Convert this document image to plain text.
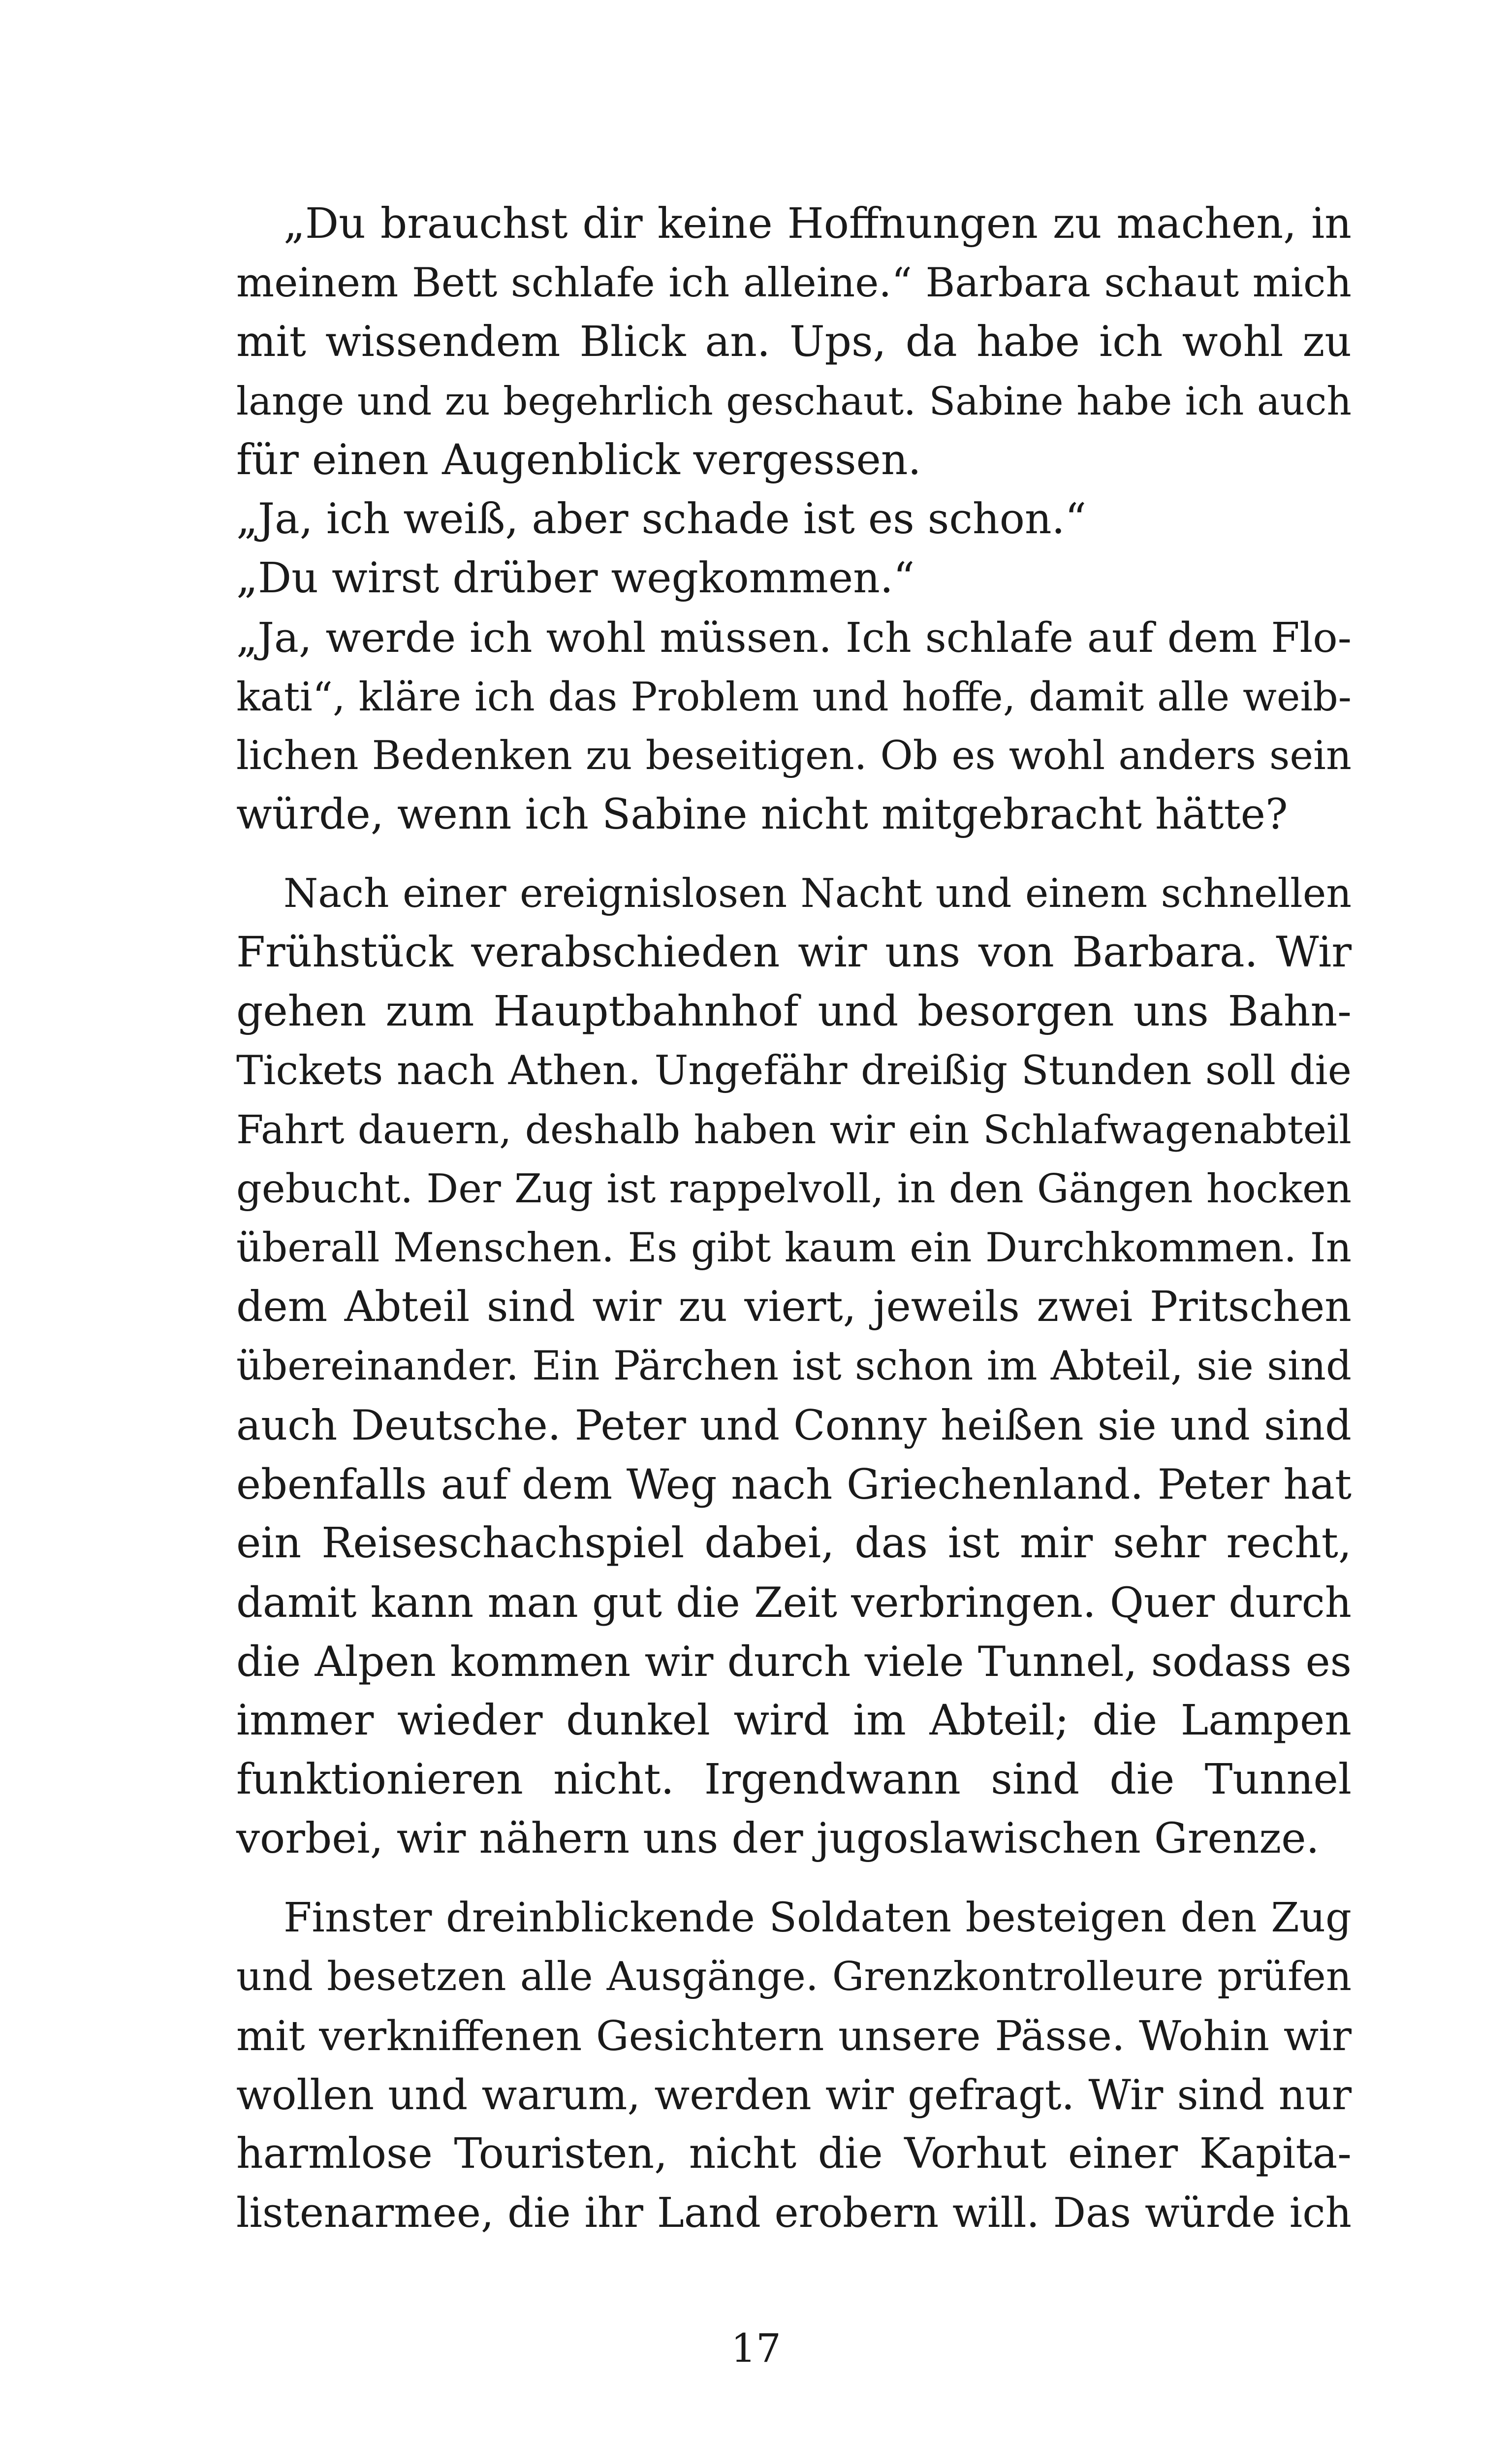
„Du brauchst dir keine Hoffnungen zu machen, in
meinem Bett schlafe ich alleine.“ Barbara schaut mich
mit wissendem Blick an. Ups, da habe ich wohl zu
lange und zu begehrlich geschaut. Sabine habe ich auch
für einen Augenblick vergessen.
„Ja, ich weiß, aber schade ist es schon.“
„Du wirst drüber wegkommen.“
„Ja, werde ich wohl müssen. Ich schlafe auf dem Flo-
kati“, kläre ich das Problem und hoffe, damit alle weib-
lichen Bedenken zu beseitigen. Ob es wohl anders sein
würde, wenn ich Sabine nicht mitgebracht hätte?
Nach einer ereignislosen Nacht und einem schnellen
Frühstück verabschieden wir uns von Barbara. Wir
gehen zum Hauptbahnhof und besorgen uns Bahn-
Tickets nach Athen. Ungefähr dreißig Stunden soll die
Fahrt dauern, deshalb haben wir ein Schlafwagenabteil
gebucht. Der Zug ist rappelvoll, in den Gängen hocken
überall Menschen. Es gibt kaum ein Durchkommen. In
dem Abteil sind wir zu viert, jeweils zwei Pritschen
übereinander. Ein Pärchen ist schon im Abteil, sie sind
auch Deutsche. Peter und Conny heißen sie und sind
ebenfalls auf dem Weg nach Griechenland. Peter hat
ein Reiseschachspiel dabei, das ist mir sehr recht,
damit kann man gut die Zeit verbringen. Quer durch
die Alpen kommen wir durch viele Tunnel, sodass es
immer wieder dunkel wird im Abteil; die Lampen
funktionieren nicht. Irgendwann sind die Tunnel
vorbei, wir nähern uns der jugoslawischen Grenze.
Finster dreinblickende Soldaten besteigen den Zug
und besetzen alle Ausgänge. Grenzkontrolleure prüfen
mit verkniffenen Gesichtern unsere Pässe. Wohin wir
wollen und warum, werden wir gefragt. Wir sind nur
harmlose Touristen, nicht die Vorhut einer Kapita-
listenarmee, die ihr Land erobern will. Das würde ich
17
